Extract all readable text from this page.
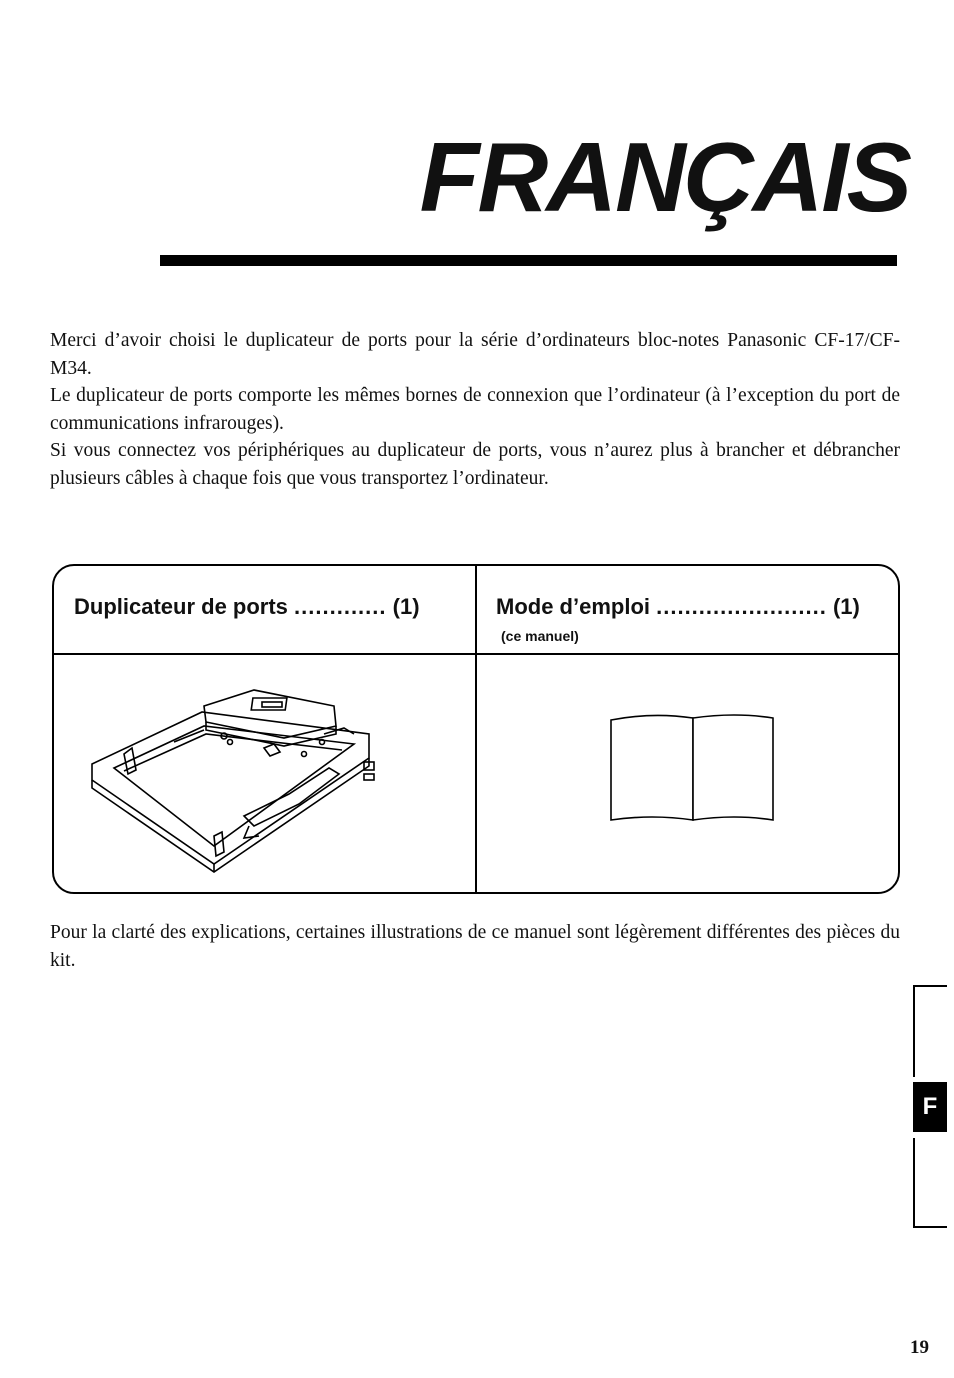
FRANÇAIS

Merci d’avoir choisi le duplicateur de ports pour la série d’ordinateurs bloc-notes Panasonic CF-17/CF-M34.

Le duplicateur de ports comporte les mêmes bornes de connexion que l’ordinateur (à l’exception du port de communications infrarouges).

Si vous connectez vos périphériques au duplicateur de ports, vous n’aurez plus à brancher et débrancher plusieurs câbles à chaque fois que vous transportez l’ordinateur.

Duplicateur de ports ............. (1)	Mode d’emploi ........................ (1)
(ce manuel)

Pour la clarté des explications, certaines illustrations de ce manuel sont légèrement différentes des pièces du kit.

F
19
